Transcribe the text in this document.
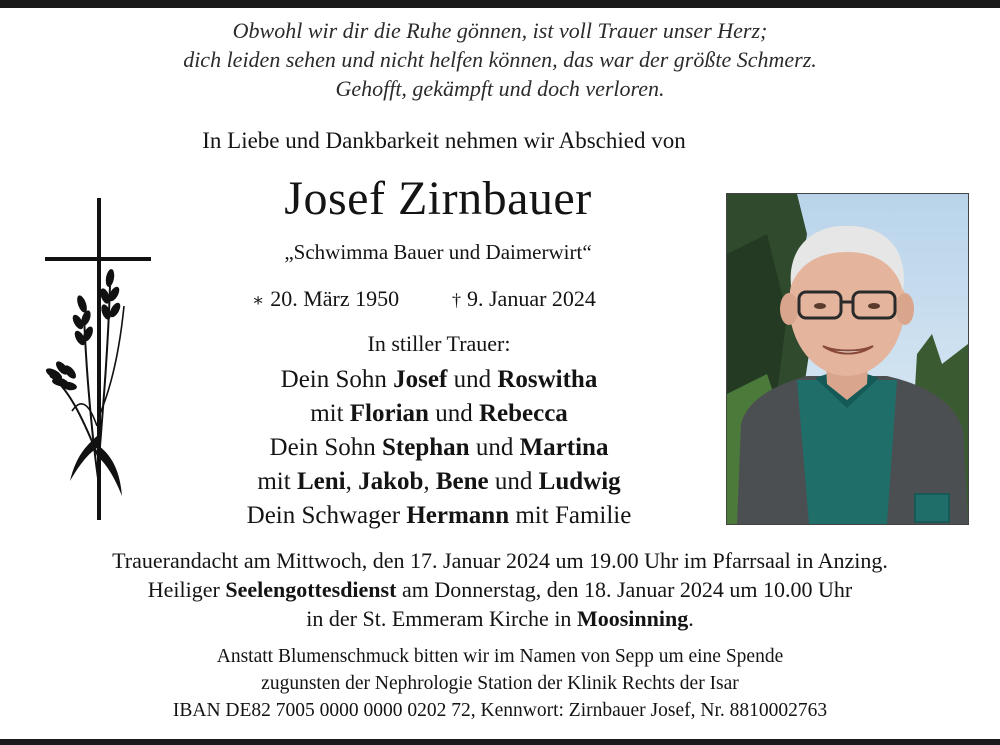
Obwohl wir dir die Ruhe gönnen, ist voll Trauer unser Herz;
dich leiden sehen und nicht helfen können, das war der größte Schmerz.
Gehofft, gekämpft und doch verloren.
In Liebe und Dankbarkeit nehmen wir Abschied von
Josef Zirnbauer
„Schwimma Bauer und Daimerwirt“
∗ 20. März 1950	† 9. Januar 2024
In stiller Trauer:
Dein Sohn Josef und Roswitha
mit Florian und Rebecca
Dein Sohn Stephan und Martina
mit Leni, Jakob, Bene und Ludwig
Dein Schwager Hermann mit Familie
Trauerandacht am Mittwoch, den 17. Januar 2024 um 19.00 Uhr im Pfarrsaal in Anzing.
Heiliger Seelengottesdienst am Donnerstag, den 18. Januar 2024 um 10.00 Uhr
in der St. Emmeram Kirche in Moosinning.
Anstatt Blumenschmuck bitten wir im Namen von Sepp um eine Spende
zugunsten der Nephrologie Station der Klinik Rechts der Isar
IBAN DE82 7005 0000 0000 0202 72, Kennwort: Zirnbauer Josef, Nr. 8810002763
